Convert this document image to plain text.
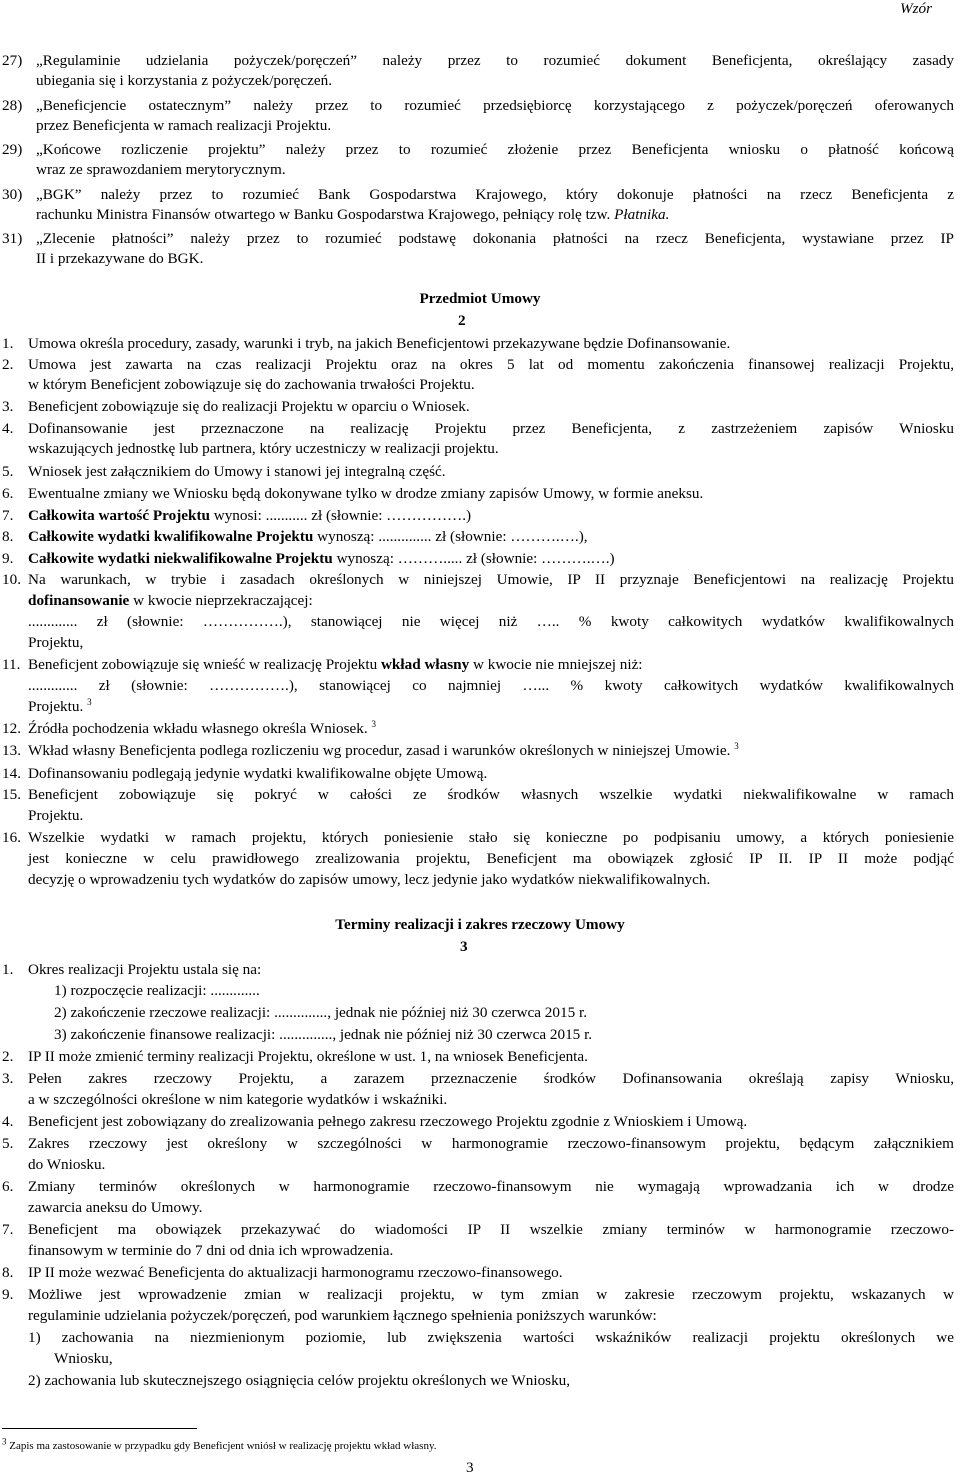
Wzór
27) „Regulaminie udzielania pożyczek/poręczeń” należy przez to rozumieć dokument Beneficjenta, określający zasady
ubiegania się i korzystania z pożyczek/poręczeń.
28) „Beneficjencie ostatecznym” należy przez to rozumieć przedsiębiorcę korzystającego z pożyczek/poręczeń oferowanych
przez Beneficjenta w ramach realizacji Projektu.
29) „Końcowe rozliczenie projektu” należy przez to rozumieć złożenie przez Beneficjenta wniosku o płatność końcową
wraz ze sprawozdaniem merytorycznym.
30) „BGK” należy przez to rozumieć Bank Gospodarstwa Krajowego, który dokonuje płatności na rzecz Beneficjenta z
rachunku Ministra Finansów otwartego w Banku Gospodarstwa Krajowego, pełniący rolę tzw. Płatnika.
31) „Zlecenie płatności” należy przez to rozumieć podstawę dokonania płatności na rzecz Beneficjenta, wystawiane przez IP
II i przekazywane do BGK.
Przedmiot Umowy
2
1. Umowa określa procedury, zasady, warunki i tryb, na jakich Beneficjentowi przekazywane będzie Dofinansowanie.
2. Umowa jest zawarta na czas realizacji Projektu oraz na okres 5 lat od momentu zakończenia finansowej realizacji Projektu,
w którym Beneficjent zobowiązuje się do zachowania trwałości Projektu.
3. Beneficjent zobowiązuje się do realizacji Projektu w oparciu o Wniosek.
4. Dofinansowanie jest przeznaczone na realizację Projektu przez Beneficjenta, z zastrzeżeniem zapisów Wniosku
wskazujących jednostkę lub partnera, który uczestniczy w realizacji projektu.
5. Wniosek jest załącznikiem do Umowy i stanowi jej integralną część.
6. Ewentualne zmiany we Wniosku będą dokonywane tylko w drodze zmiany zapisów Umowy, w formie aneksu.
7. Całkowita wartość Projektu wynosi: ........... zł (słownie: …………….)
8. Całkowite wydatki kwalifikowalne Projektu wynoszą: .............. zł (słownie: ……….….),
9. Całkowite wydatki niekwalifikowalne Projektu wynoszą: ………..... zł (słownie: ……….….)
10. Na warunkach, w trybie i zasadach określonych w niniejszej Umowie, IP II przyznaje Beneficjentowi na realizację Projektu
dofinansowanie w kwocie nieprzekraczającej:
............. zł (słownie: …………….), stanowiącej nie więcej niż ….. % kwoty całkowitych wydatków kwalifikowalnych
Projektu,
11. Beneficjent zobowiązuje się wnieść w realizację Projektu wkład własny w kwocie nie mniejszej niż:
............. zł (słownie: …………….), stanowiącej co najmniej …... % kwoty całkowitych wydatków kwalifikowalnych
Projektu. $^3$
12. Źródła pochodzenia wkładu własnego określa Wniosek. $^3$
13. Wkład własny Beneficjenta podlega rozliczeniu wg procedur, zasad i warunków określonych w niniejszej Umowie. $^3$
14. Dofinansowaniu podlegają jedynie wydatki kwalifikowalne objęte Umową.
15. Beneficjent zobowiązuje się pokryć w całości ze środków własnych wszelkie wydatki niekwalifikowalne w ramach
Projektu.
16. Wszelkie wydatki w ramach projektu, których poniesienie stało się konieczne po podpisaniu umowy, a których poniesienie
jest konieczne w celu prawidłowego zrealizowania projektu, Beneficjent ma obowiązek zgłosić IP II. IP II może podjąć
decyzję o wprowadzeniu tych wydatków do zapisów umowy, lecz jedynie jako wydatków niekwalifikowalnych.
Terminy realizacji i zakres rzeczowy Umowy
3
1. Okres realizacji Projektu ustala się na:
1) rozpoczęcie realizacji: .............
2) zakończenie rzeczowe realizacji: .............., jednak nie później niż 30 czerwca 2015 r.
3) zakończenie finansowe realizacji: .............., jednak nie później niż 30 czerwca 2015 r.
2. IP II może zmienić terminy realizacji Projektu, określone w ust. 1, na wniosek Beneficjenta.
3. Pełen zakres rzeczowy Projektu, a zarazem przeznaczenie środków Dofinansowania określają zapisy Wniosku,
a w szczególności określone w nim kategorie wydatków i wskaźniki.
4. Beneficjent jest zobowiązany do zrealizowania pełnego zakresu rzeczowego Projektu zgodnie z Wnioskiem i Umową.
5. Zakres rzeczowy jest określony w szczególności w harmonogramie rzeczowo-finansowym projektu, będącym załącznikiem
do Wniosku.
6. Zmiany terminów określonych w harmonogramie rzeczowo-finansowym nie wymagają wprowadzania ich w drodze
zawarcia aneksu do Umowy.
7. Beneficjent ma obowiązek przekazywać do wiadomości IP II wszelkie zmiany terminów w harmonogramie rzeczowo-
finansowym w terminie do 7 dni od dnia ich wprowadzenia.
8. IP II może wezwać Beneficjenta do aktualizacji harmonogramu rzeczowo-finansowego.
9. Możliwe jest wprowadzenie zmian w realizacji projektu, w tym zmian w zakresie rzeczowym projektu, wskazanych w
regulaminie udzielania pożyczek/poręczeń, pod warunkiem łącznego spełnienia poniższych warunków:
1) zachowania na niezmienionym poziomie, lub zwiększenia wartości wskaźników realizacji projektu określonych we
Wniosku,
2) zachowania lub skutecznejszego osiągnięcia celów projektu określonych we Wniosku,
$^3$ Zapis ma zastosowanie w przypadku gdy Beneficjent wniósł w realizację projektu wkład własny.
3
